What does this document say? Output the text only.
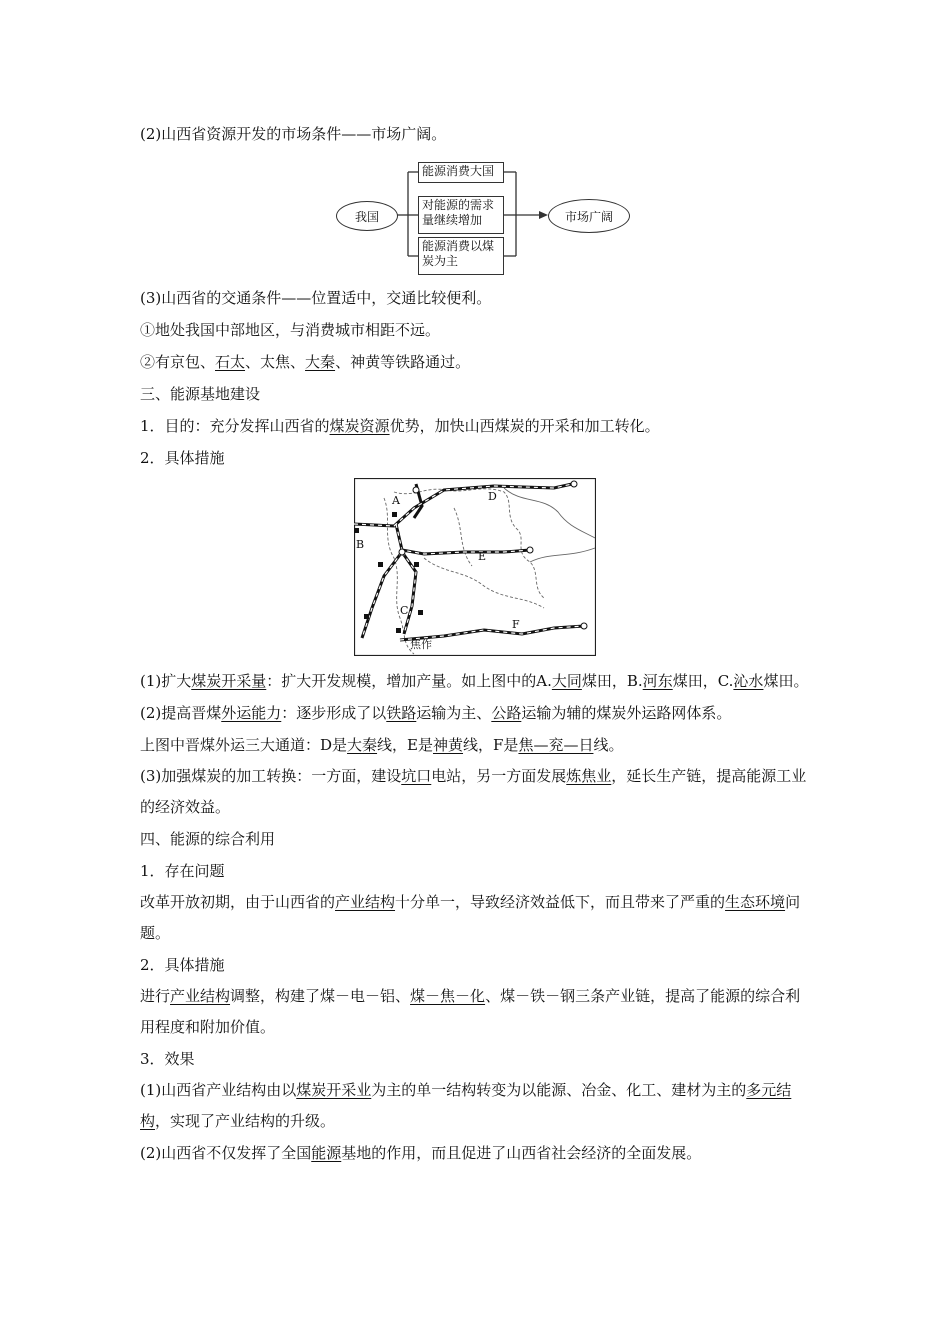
(2)山西省资源开发的市场条件——市场广阔。
我国
能源消费大国
对能源的需求量继续增加
能源消费以煤炭为主
市场广阔
(3)山西省的交通条件——位置适中，交通比较便利。
①地处我国中部地区，与消费城市相距不远。
②有京包、石太、太焦、大秦、神黄等铁路通过。
三、能源基地建设
1．目的：充分发挥山西省的煤炭资源优势，加快山西煤炭的开采和加工转化。
2．具体措施
A
B
C
D
E
F
焦作
(1)扩大煤炭开采量：扩大开发规模，增加产量。如上图中的A.大同煤田，B.河东煤田，C.沁水煤田。
(2)提高晋煤外运能力：逐步形成了以铁路运输为主、公路运输为辅的煤炭外运路网体系。
上图中晋煤外运三大通道：D是大秦线，E是神黄线，F是焦—兖—日线。
(3)加强煤炭的加工转换：一方面，建设坑口电站，另一方面发展炼焦业，延长生产链，提高能源工业的经济效益。
四、能源的综合利用
1．存在问题
改革开放初期，由于山西省的产业结构十分单一，导致经济效益低下，而且带来了严重的生态环境问题。
2．具体措施
进行产业结构调整，构建了煤－电－铝、煤－焦－化、煤－铁－钢三条产业链，提高了能源的综合利用程度和附加价值。
3．效果
(1)山西省产业结构由以煤炭开采业为主的单一结构转变为以能源、冶金、化工、建材为主的多元结构，实现了产业结构的升级。
(2)山西省不仅发挥了全国能源基地的作用，而且促进了山西省社会经济的全面发展。
